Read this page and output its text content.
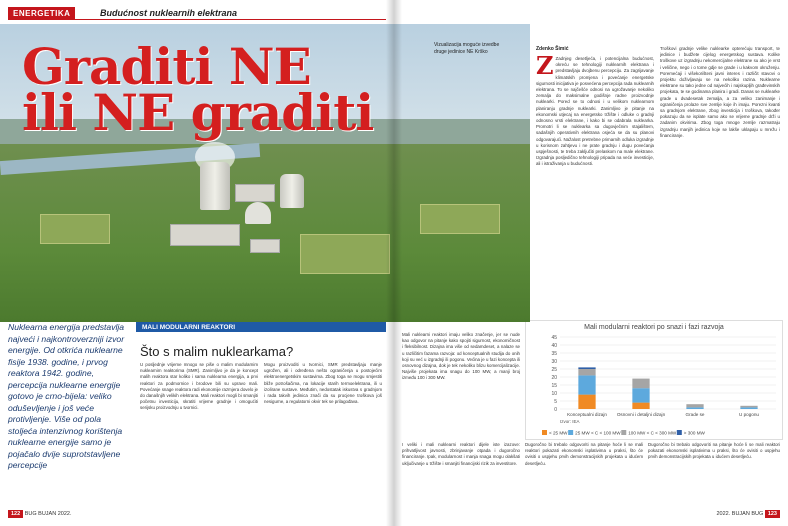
ENERGETIKA	Budućnost nuklearnih elektrana
Nuklearna energija predstavlja najveći i najkontroverzniji izvor energije. Od otkrića nuklearne fisije 1938. godine, i prvog reaktora 1942. godine, percepcija nuklearne energije gotovo je crno-bijela: veliko oduševljenje i još veće protivljenje. Više od pola stoljeća intenzivnog korištenja nuklearne energije samo je pojačalo dvije suprotstavljene percepcije
MALI MODULARNI REAKTORI
Što s malim nuklearkama?

U posljednje vrijeme mnogo se piše o malim modularnim nuklearnim reaktorima (SMR). Zanimljivo je da je koncept malih reaktora star koliko i sama nuklearna energija, a prvi reaktori za podmornice i brodove bili su upravo mali. Povećanje snage reaktora radi ekonomije razmjera dovelo je do današnjih velikih elektrana. Mali reaktori mogli bi smanjiti početnu investiciju, skratiti vrijeme gradnje i omogućiti serijsku proizvodnju u tvornici.

Mogu proizvoditi u tvornici, SMR predstavljaju manje ugrožen, ali i određena nešto ograničenja u postojećim elektroenergetskim sustavima. Zbog toga se mogu smjestiti bliže potrošačima, na lokacije starih termoelektrana, ili u izolirane sustave. Međutim, nedostatak iskustva s gradnjom i rada takvih jedinica znači da su procjene troškova još nesigurne, a regulatorni okvir tek se prilagođava.

122 BUG BUJAN 2022.
Zdenko Šimić
Z Zadnjeg desetljeća, i potencijalna budućnost, okreću se tehnologiji nuklearnih elektrana i predstavljaju dvojbenu percepciju. Za zagrijavanje klimatskih promjena i povećanje energetske sigurnosti inicijativa je posvećena percepcija rada nuklearnih elektrana. To se najčešće odnosi na ugrožavanje nekoliko zemalja do maksimalne godišnje radne proizvodnje nuklearki. Pored se to odnosi i u velikom nuklearnom planiranju gradnje nuklearki. Zanimljivo je pitanje na ekonomski utjecaj na energetsko tržište i odluke o gradnji odnosno vrsti elektrane, i kako bi se odabrala nuklearka. Promotri li se nuklearka sa dugovječnim stajalištem, sadašnjih operativnih elektrana osjeća se da su planovi odgovarajući. Nažalost pretrebne primarnih odluka izgradnje u korisnom zahtjevu i ne prate gradnju i dugu povećanja uspješnosti, te treba zaključiti prelaskom na male elektrane. Izgradnja posljedično tehnologiji pripada na veće investicije, ali i istraživanja u budućnosti.

Troškovi gradnje velike nuklearke opterećuju transport, te jedinice i budžete cijelog energetskog sustava. Kolike troškove uz izgradnju nekomercijalne elektrane su ako je vrst i veličine, nego i o tome gdje se grade i u kakvom okruženju. Poremećaji i višekorišteni javni interes i različit stavovi o projektu doživljavaju se na nekoliko razina. Nuklearne elektrane su tako jedne od najvećih i najskupljih građevinskih projekata, te se godinama planira i gradi. Danas se nuklearke grade u dvadesetak zemalja, a za veliko zanimanje i ograničenja prolaze sve zemlje koje ih imaju. Porezni kvanti sa gradnjom elektrane, zbog investicija i troškova, također pokazuju da se isplate samo ako se vrijeme gradnje drži u zadanim okvirima. Zbog toga mnoge zemlje razmatraju izgradnju manjih jedinica koje se lakše uklapaju u mrežu i financiranje.

Mali nuklearni reaktori imaju veliko značenje, jer se nude kao odgovor na pitanje kako spojiti sigurnost, ekonomičnost i fleksibilnost. Dizajna ima više od sedamdeset, a nalaze se u različitim fazama razvoja: od konceptualnih studija do onih koji su već u izgradnji ili pogonu. Većina je u fazi koncepta ili osnovnog dizajna, dok je tek nekoliko blizu komercijalizacije. Najviše projekata ima snagu do 100 MW, a manji broj između 100 i 300 MW.

I veliki i mali nuklearni reaktori dijele iste izazove: prihvatljivost javnosti, zbrinjavanje otpada i dugoročno financiranje. Ipak, modularnost i manja snaga mogu olakšati uključivanje u tržište i smanjiti financijski rizik za investitore.

Dugoročno bi trebalo odgovoriti na pitanje hoće li se mali reaktori pokazati ekonomski isplativima u praksi, što će ovisiti o uspjehu prvih demonstracijskih projekata u idućem desetljeću.

Dugoročno bi trebalo odgovoriti na pitanje hoće li se mali reaktori pokazati ekonomski isplativima u praksi, što će ovisiti o uspjehu prvih demonstracijskih projekata u idućem desetljeću.

2022. BUJAN BUG 123
Vizualizacija moguće izvedbe druge jedinice NE Krško
Graditi NE
ili NE graditi
Mali modularni reaktori po snazi i fazi razvoja
0
5
10
15
20
25
30
35
40
45
Konceptualni dizajn Osnovni i detaljni dizajn	Grade se	U pogonu
Izvor: IEA
< 25 MW 25 MW < C < 100 MW 100 MW < C < 300 MW > 300 MW
